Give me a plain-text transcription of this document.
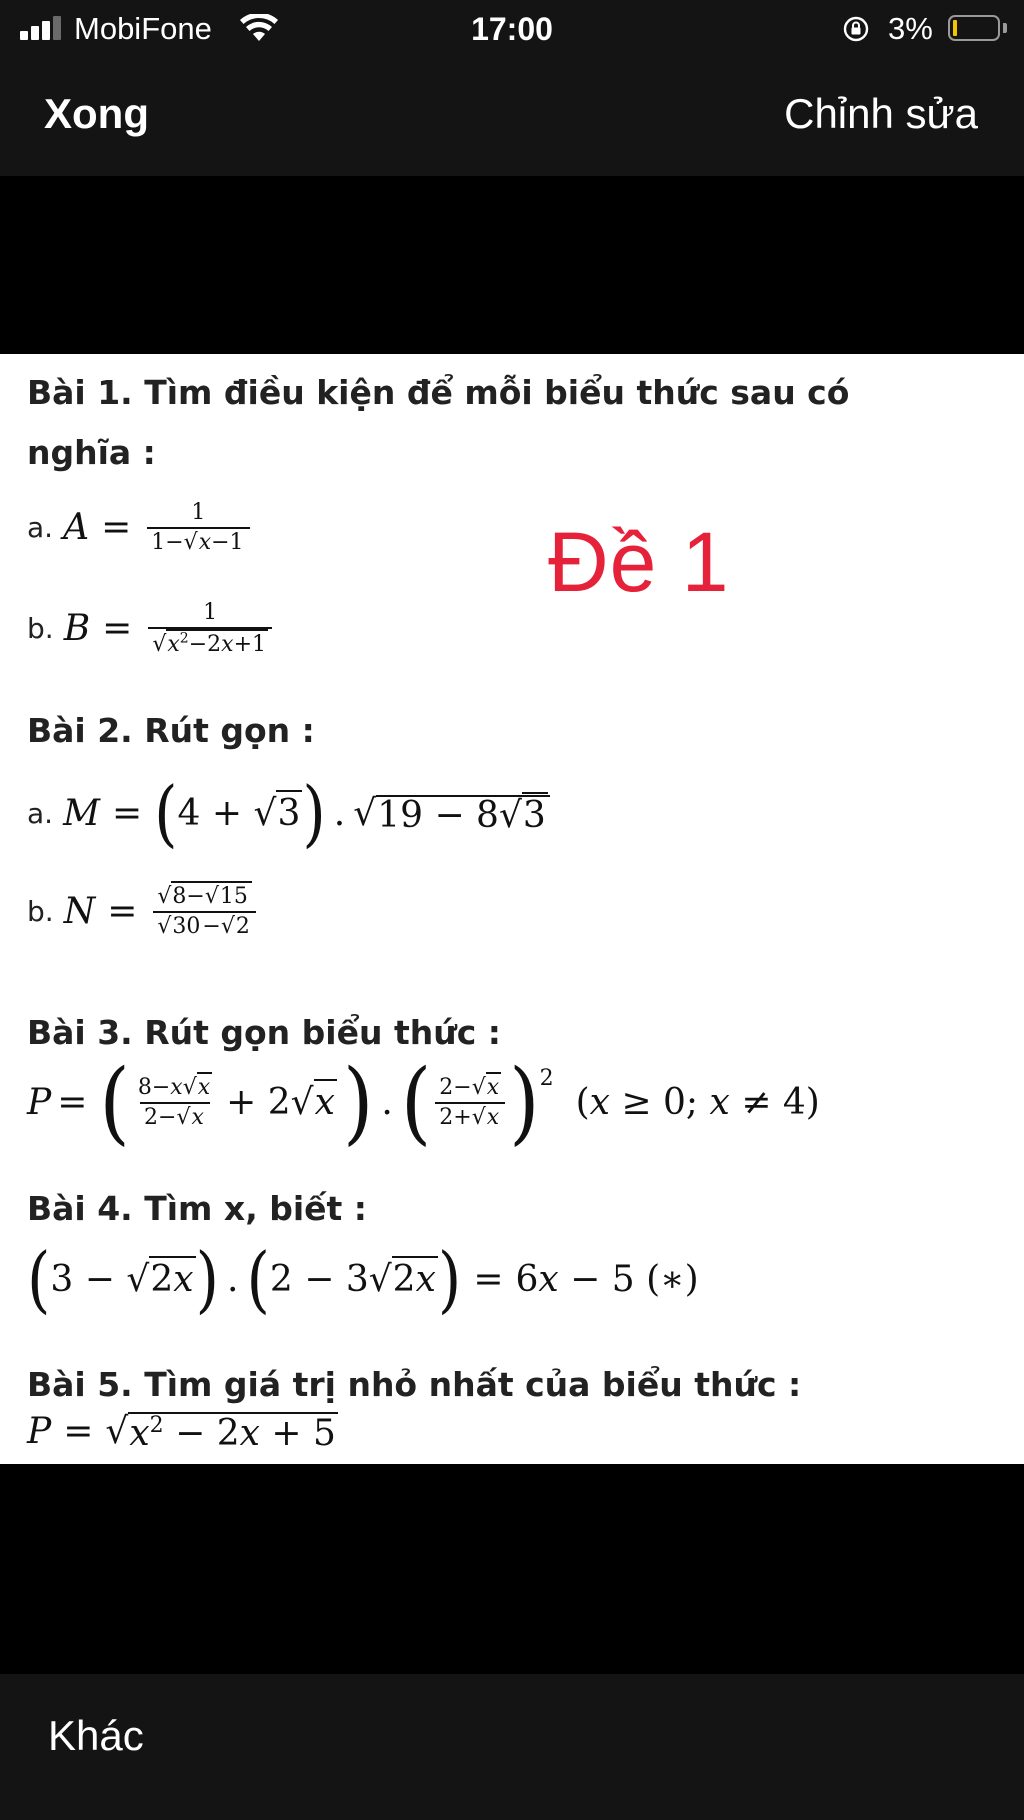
MobiFone	17:00	3%
Xong	Chỉnh sửa
Bài 1. Tìm điều kiện để mỗi biểu thức sau có
nghĩa :
a. $A = \frac{1}{1-√ x-1}$
b. B = 1
√ $x^2-2x+1$
Đề 1
Bài 2. Rút gọn :
a. M = ( 4 + √ 3 ) .
√ 19 − 8√ 3
b. N =
√ 8−√ 15
√ 30−√ 2
Bài 3. Rút gọn biểu thức :
P = ( $\frac{8-x√ x}{2-√ x} + 2√$ x ) . ( $\frac{2-√ x}{2+√ x} )^2$
(x ≥ 0; x ≠ 4)
Bài 4. Tìm x, biết :
( 3 − √ 2x ) . ( 2 − 3√ 2x ) = 6x − 5 (∗)
Bài 5. Tìm giá trị nhỏ nhất của biểu thức :
P =
√ $x^2 - 2x + 5$
Khác
